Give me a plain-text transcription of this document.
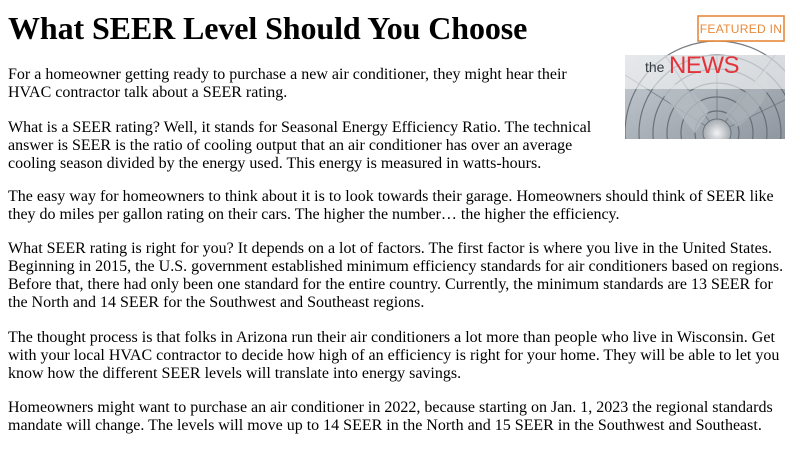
What SEER Level Should You Choose

For a homeowner getting ready to purchase a new air conditioner, they might hear their HVAC contractor talk about a SEER rating.

What is a SEER rating? Well, it stands for Seasonal Energy Efficiency Ratio. The technical answer is SEER is the ratio of cooling output that an air conditioner has over an average cooling season divided by the energy used. This energy is measured in watts-hours.

The easy way for homeowners to think about it is to look towards their garage. Homeowners should think of SEER like they do miles per gallon rating on their cars. The higher the number… the higher the efficiency.

What SEER rating is right for you? It depends on a lot of factors. The first factor is where you live in the United States. Beginning in 2015, the U.S. government established minimum efficiency standards for air conditioners based on regions. Before that, there had only been one standard for the entire country. Currently, the minimum standards are 13 SEER for the North and 14 SEER for the Southwest and Southeast regions.

The thought process is that folks in Arizona run their air conditioners a lot more than people who live in Wisconsin. Get with your local HVAC contractor to decide how high of an efficiency is right for your home. They will be able to let you know how the different SEER levels will translate into energy savings.

Homeowners might want to purchase an air conditioner in 2022, because starting on Jan. 1, 2023 the regional standards mandate will change. The levels will move up to 14 SEER in the North and 15 SEER in the Southwest and Southeast.

FEATURED IN
the NEWS
